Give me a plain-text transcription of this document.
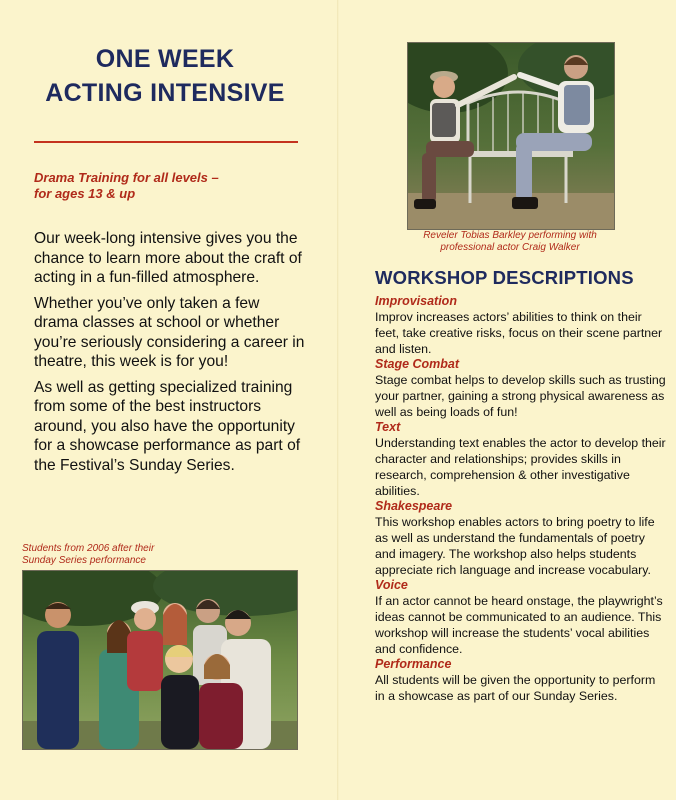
ONE WEEK
ACTING INTENSIVE
Drama Training for all levels –
for ages 13 & up

Our week-long intensive gives you the chance to learn more about the craft of acting in a fun-filled atmosphere.

Whether you’ve only taken a few drama classes at school or whether you’re seriously considering a career in theatre, this week is for you!

As well as getting specialized training from some of the best instructors around, you also have the opportunity for a showcase performance as part of the Festival’s Sunday Series.

Students from 2006 after their
Sunday Series performance
Reveler Tobias Barkley performing with
professional actor Craig Walker
WORKSHOP DESCRIPTIONS
Improvisation
Improv increases actors’ abilities to think on their feet, take creative risks, focus on their scene partner and listen.
Stage Combat
Stage combat helps to develop skills such as trusting your partner, gaining a strong physical awareness as well as being loads of fun!
Text
Understanding text enables the actor to develop their character and relationships; provides skills in research, comprehension & other investigative abilities.
Shakespeare
This workshop enables actors to bring poetry to life as well as understand the fundamentals of poetry and imagery. The workshop also helps students appreciate rich language and increase vocabulary.
Voice
If an actor cannot be heard onstage, the playwright’s ideas cannot be communicated to an audience. This workshop will increase the students’ vocal abilities and confidence.
Performance
All students will be given the opportunity to perform in a showcase as part of our Sunday Series.
